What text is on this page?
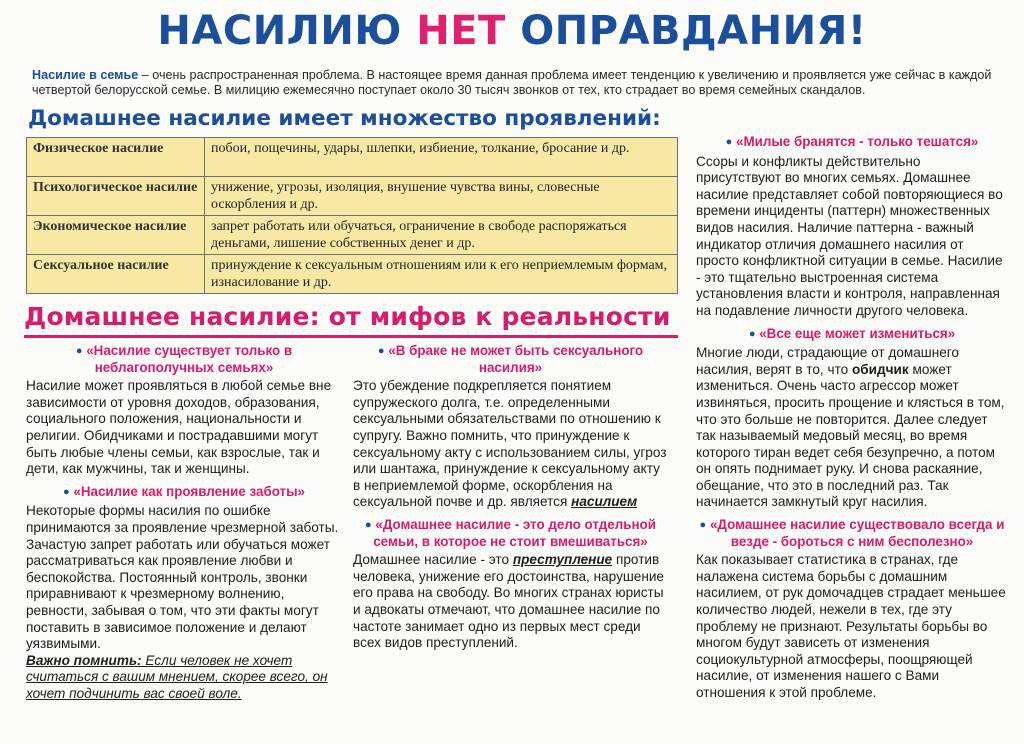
НАСИЛИЮ НЕТ ОПРАВДАНИЯ!

Насилие в семье – очень распространенная проблема. В настоящее время данная проблема имеет тенденцию к увеличению и проявляется уже сейчас в каждой четвертой белорусской семье. В милицию ежемесячно поступает около 30 тысяч звонков от тех, кто страдает во время семейных скандалов.

Домашнее насилие имеет множество проявлений:
Физическое насилие	побои, пощечины, удары, шлепки, избиение, толкание, бросание и др.
Психологическое насилие	унижение, угрозы, изоляция, внушение чувства вины, словесные оскорбления и др.
Экономическое насилие	запрет работать или обучаться, ограничение в свободе распоряжаться деньгами, лишение собственных денег и др.
Сексуальное насилие	принуждение к сексуальным отношениям или к его неприемлемым формам, изнасилование и др.
Домашнее насилие: от мифов к реальности
● «Насилие существует только в неблагополучных семьях»

Насилие может проявляться в любой семье вне зависимости от уровня доходов, образования, социального положения, национальности и религии. Обидчиками и пострадавшими могут быть любые члены семьи, как взрослые, так и дети, как мужчины, так и женщины.

● «Насилие как проявление заботы»

Некоторые формы насилия по ошибке принимаются за проявление чрезмерной заботы. Зачастую запрет работать или обучаться может рассматриваться как проявление любви и беспокойства. Постоянный контроль, звонки приравнивают к чрезмерному волнению, ревности, забывая о том, что эти факты могут поставить в зависимое положение и делают уязвимыми.

Важно помнить: Если человек не хочет считаться с вашим мнением, скорее всего, он хочет подчинить вас своей воле.

● «В браке не может быть сексуального насилия»

Это убеждение подкрепляется понятием супружеского долга, т.е. определенными сексуальными обязательствами по отношению к супругу. Важно помнить, что принуждение к сексуальному акту с использованием силы, угроз или шантажа, принуждение к сексуальному акту в неприемлемой форме, оскорбления на сексуальной почве и др. является насилием

● «Домашнее насилие - это дело отдельной семьи, в которое не стоит вмешиваться»

Домашнее насилие - это преступление против человека, унижение его достоинства, нарушение его права на свободу. Во многих странах юристы и адвокаты отмечают, что домашнее насилие по частоте занимает одно из первых мест среди всех видов преступлений.

● «Милые бранятся - только тешатся»

Ссоры и конфликты действительно присутствуют во многих семьях. Домашнее насилие представляет собой повторяющиеся во времени инциденты (паттерн) множественных видов насилия. Наличие паттерна - важный индикатор отличия домашнего насилия от просто конфликтной ситуации в семье. Насилие - это тщательно выстроенная система установления власти и контроля, направленная на подавление личности другого человека.

● «Все еще может измениться»

Многие люди, страдающие от домашнего насилия, верят в то, что обидчик может измениться. Очень часто агрессор может извиняться, просить прощение и клясться в том, что это больше не повторится. Далее следует так называемый медовый месяц, во время которого тиран ведет себя безупречно, а потом он опять поднимает руку. И снова раскаяние, обещание, что это в последний раз. Так начинается замкнутый круг насилия.

● «Домашнее насилие существовало всегда и везде - бороться с ним бесполезно»

Как показывает статистика в странах, где налажена система борьбы с домашним насилием, от рук домочадцев страдает меньшее количество людей, нежели в тех, где эту проблему не признают. Результаты борьбы во многом будут зависеть от изменения социокультурной атмосферы, поощряющей насилие, от изменения нашего с Вами отношения к этой проблеме.
